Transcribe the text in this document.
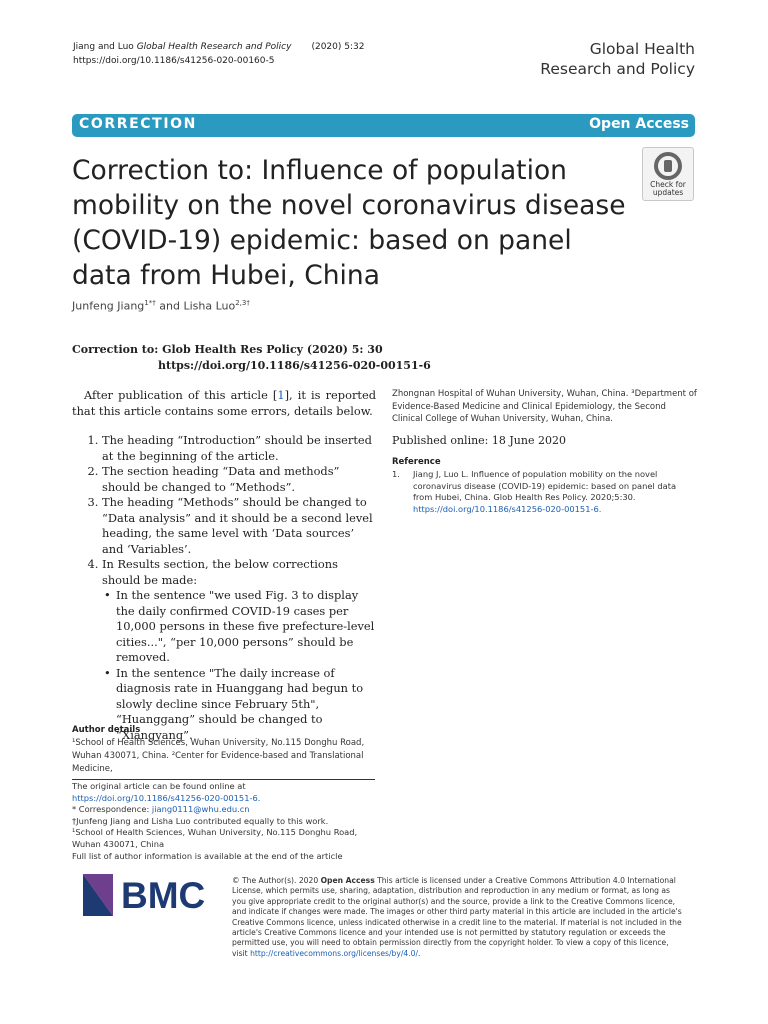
Jiang and Luo Global Health Research and Policy (2020) 5:32
https://doi.org/10.1186/s41256-020-00160-5
Global Health
Research and Policy
CORRECTION	Open Access
Correction to: Influence of population mobility on the novel coronavirus disease (COVID-19) epidemic: based on panel data from Hubei, China
Check for
updates
Junfeng Jiang$^{1*\dagger}$ and Lisha Luo$^{2,3\dagger}$
Correction to: Glob Health Res Policy (2020) 5: 30
https://doi.org/10.1186/s41256-020-00151-6

After publication of this article [1], it is reported that this article contains some errors, details below.

1. The heading “Introduction” should be inserted at the beginning of the article.
2. The section heading “Data and methods” should be changed to “Methods”.
3. The heading “Methods” should be changed to “Data analysis” and it should be a second level heading, the same level with ‘Data sources’ and ‘Variables’.
4. In Results section, the below corrections should be made:
• In the sentence "we used Fig. 3 to display the daily confirmed COVID-19 cases per 10,000 persons in these five prefecture-level cities...", “per 10,000 persons” should be removed.
• In the sentence "The daily increase of diagnosis rate in Huanggang had begun to slowly decline since February 5th", “Huanggang” should be changed to “Xiangyang”.
Author details
¹School of Health Sciences, Wuhan University, No.115 Donghu Road, Wuhan 430071, China. ²Center for Evidence-based and Translational Medicine,
The original article can be found online at https://doi.org/10.1186/s41256-020-00151-6.
* Correspondence: jiang0111@whu.edu.cn
†Junfeng Jiang and Lisha Luo contributed equally to this work.
¹School of Health Sciences, Wuhan University, No.115 Donghu Road, Wuhan 430071, China
Full list of author information is available at the end of the article
Zhongnan Hospital of Wuhan University, Wuhan, China. ³Department of Evidence-Based Medicine and Clinical Epidemiology, the Second Clinical College of Wuhan University, Wuhan, China.
Published online: 18 June 2020
Reference
1. Jiang J, Luo L. Influence of population mobility on the novel coronavirus disease (COVID-19) epidemic: based on panel data from Hubei, China. Glob Health Res Policy. 2020;5:30. https://doi.org/10.1186/s41256-020-00151-6.
BMC	© The Author(s). 2020 Open Access This article is licensed under a Creative Commons Attribution 4.0 International License, which permits use, sharing, adaptation, distribution and reproduction in any medium or format, as long as you give appropriate credit to the original author(s) and the source, provide a link to the Creative Commons licence, and indicate if changes were made. The images or other third party material in this article are included in the article's Creative Commons licence, unless indicated otherwise in a credit line to the material. If material is not included in the article's Creative Commons licence and your intended use is not permitted by statutory regulation or exceeds the permitted use, you will need to obtain permission directly from the copyright holder. To view a copy of this licence, visit http://creativecommons.org/licenses/by/4.0/.
